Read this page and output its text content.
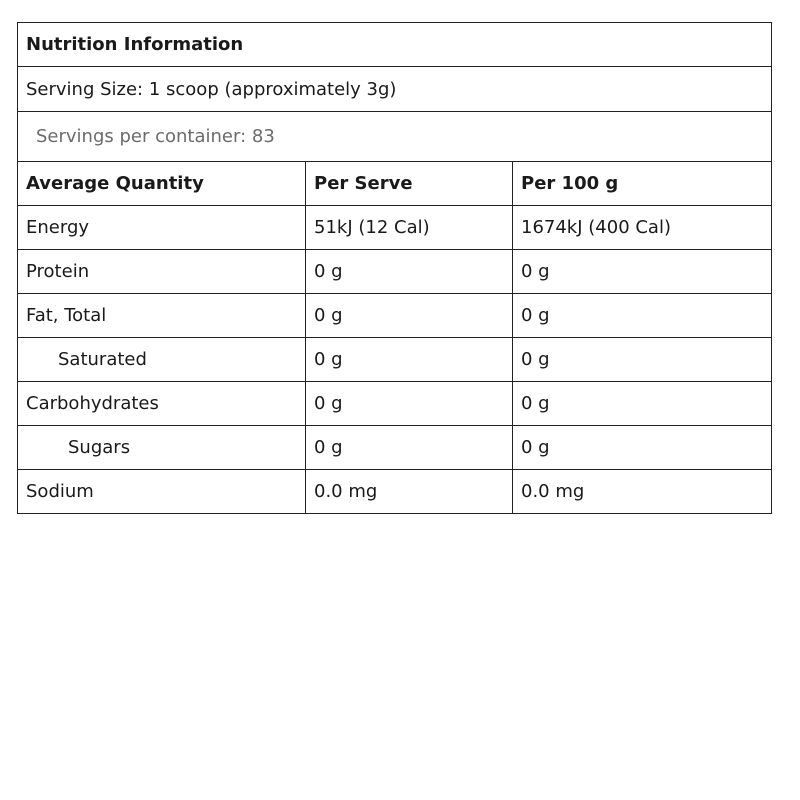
Nutrition Information
Serving Size: 1 scoop (approximately 3g)
Servings per container: 83
Average Quantity	Per Serve	Per 100 g
Energy	51kJ (12 Cal)	1674kJ (400 Cal)
Protein	0 g	0 g
Fat, Total	0 g	0 g
Saturated	0 g	0 g
Carbohydrates	0 g	0 g
Sugars	0 g	0 g
Sodium	0.0 mg	0.0 mg
